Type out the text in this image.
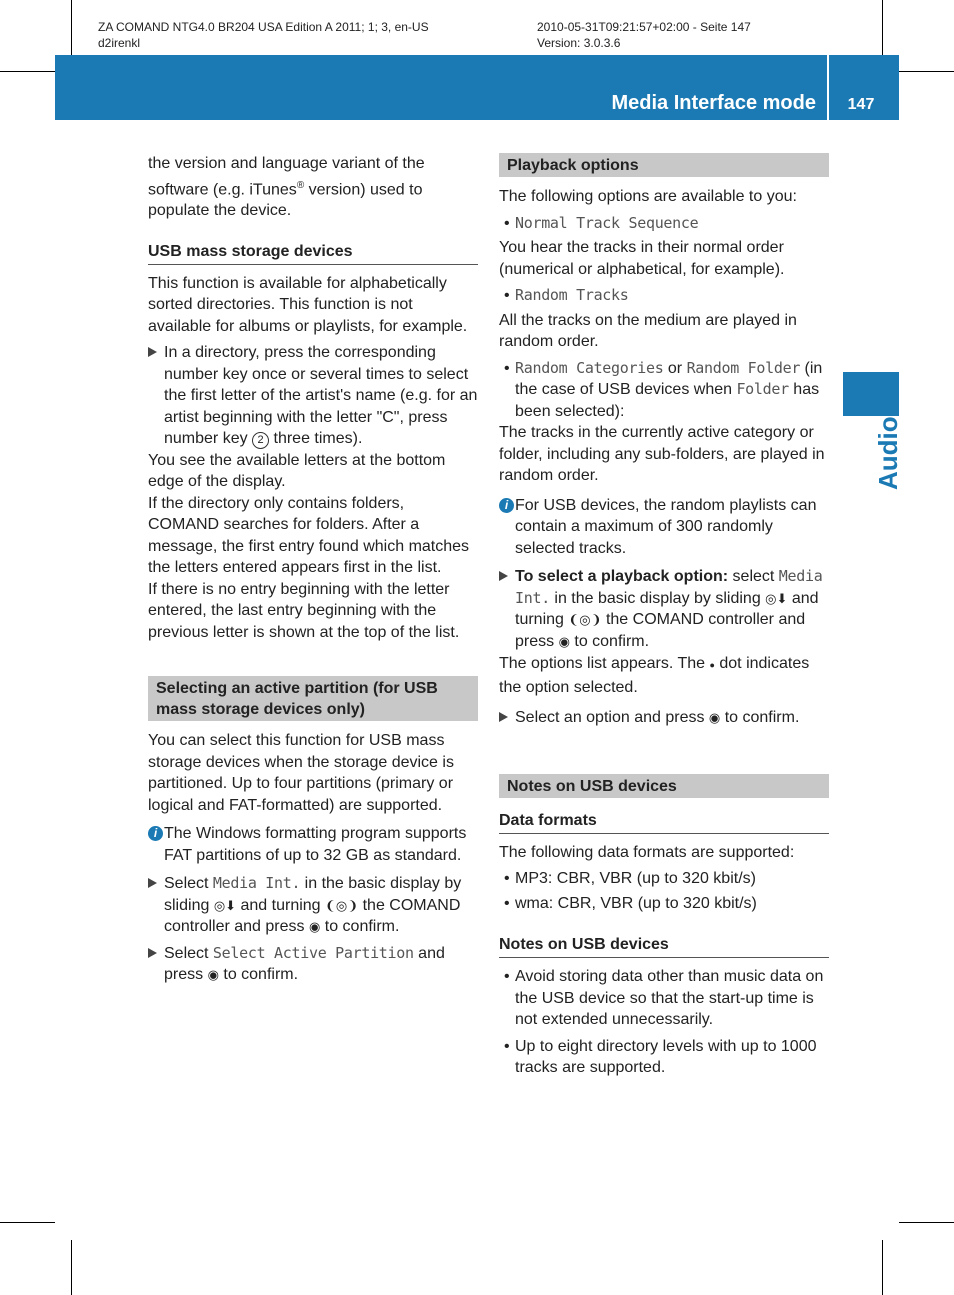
ZA COMAND NTG4.0 BR204 USA Edition A 2011; 1; 3, en-US
d2irenkl
2010-05-31T09:21:57+02:00 - Seite 147
Version: 3.0.3.6
Media Interface mode	147
Audio

the version and language variant of the software (e.g. iTunes® version) used to populate the device.

USB mass storage devices

This function is available for alphabetically sorted directories. This function is not available for albums or playlists, for example.

In a directory, press the corresponding number key once or several times to select the first letter of the artist's name (e.g. for an artist beginning with the letter "C", press number key 2 three times).

You see the available letters at the bottom edge of the display.

If the directory only contains folders, COMAND searches for folders. After a message, the first entry found which matches the letters entered appears first in the list.

If there is no entry beginning with the letter entered, the last entry beginning with the previous letter is shown at the top of the list.

Selecting an active partition (for USB mass storage devices only)

You can select this function for USB mass storage devices when the storage device is partitioned. Up to four partitions (primary or logical and FAT-formatted) are supported.

i The Windows formatting program supports FAT partitions of up to 32 GB as standard.
Select Media Int. in the basic display by sliding ◎⬇ and turning ❨◎❩ the COMAND controller and press ◉ to confirm.
Select Select Active Partition and press ◉ to confirm.
Playback options

The following options are available to you:

• Normal Track Sequence

You hear the tracks in their normal order (numerical or alphabetical, for example).

• Random Tracks

All the tracks on the medium are played in random order.

• Random Categories or Random Folder (in the case of USB devices when Folder has been selected):

The tracks in the currently active category or folder, including any sub-folders, are played in random order.

i For USB devices, the random playlists can contain a maximum of 300 randomly selected tracks.
To select a playback option: select Media Int. in the basic display by sliding ◎⬇ and turning ❨◎❩ the COMAND controller and press ◉ to confirm.

The options list appears. The ● dot indicates the option selected.

Select an option and press ◉ to confirm.
Notes on USB devices
Data formats

The following data formats are supported:

• MP3: CBR, VBR (up to 320 kbit/s)
• wma: CBR, VBR (up to 320 kbit/s)
Notes on USB devices
• Avoid storing data other than music data on the USB device so that the start-up time is not extended unnecessarily.
• Up to eight directory levels with up to 1000 tracks are supported.
